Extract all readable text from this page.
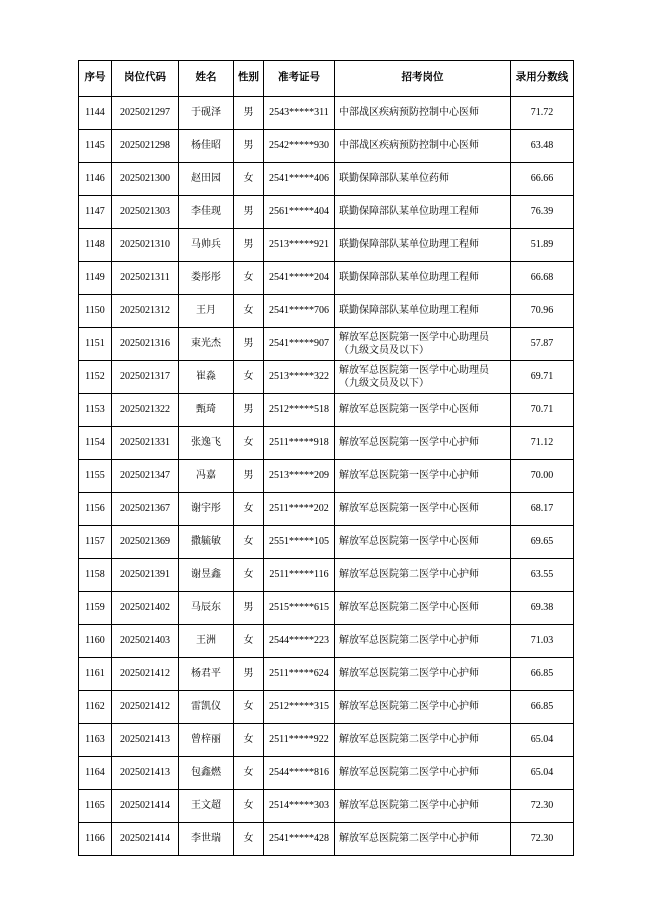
序号	岗位代码	姓名	性别	准考证号	招考岗位	录用分数线
1144	2025021297	于砚泽	男	2543*****311	中部战区疾病预防控制中心医师	71.72
1145	2025021298	杨佳昭	男	2542*****930	中部战区疾病预防控制中心医师	63.48
1146	2025021300	赵田园	女	2541*****406	联勤保障部队某单位药师	66.66
1147	2025021303	李佳现	男	2561*****404	联勤保障部队某单位助理工程师	76.39
1148	2025021310	马帅兵	男	2513*****921	联勤保障部队某单位助理工程师	51.89
1149	2025021311	娄彤彤	女	2541*****204	联勤保障部队某单位助理工程师	66.68
1150	2025021312	王月	女	2541*****706	联勤保障部队某单位助理工程师	70.96
1151	2025021316	束光杰	男	2541*****907	解放军总医院第一医学中心助理员（九级文员及以下）	57.87
1152	2025021317	崔淼	女	2513*****322	解放军总医院第一医学中心助理员（九级文员及以下）	69.71
1153	2025021322	甄琦	男	2512*****518	解放军总医院第一医学中心医师	70.71
1154	2025021331	张逸飞	女	2511*****918	解放军总医院第一医学中心护师	71.12
1155	2025021347	冯嘉	男	2513*****209	解放军总医院第一医学中心护师	70.00
1156	2025021367	谢宇彤	女	2511*****202	解放军总医院第一医学中心医师	68.17
1157	2025021369	撒毓敏	女	2551*****105	解放军总医院第一医学中心医师	69.65
1158	2025021391	谢昱鑫	女	2511*****116	解放军总医院第二医学中心护师	63.55
1159	2025021402	马辰东	男	2515*****615	解放军总医院第二医学中心医师	69.38
1160	2025021403	王洲	女	2544*****223	解放军总医院第二医学中心护师	71.03
1161	2025021412	杨君平	男	2511*****624	解放军总医院第二医学中心护师	66.85
1162	2025021412	雷凯仪	女	2512*****315	解放军总医院第二医学中心护师	66.85
1163	2025021413	曾梓丽	女	2511*****922	解放军总医院第二医学中心护师	65.04
1164	2025021413	包鑫燃	女	2544*****816	解放军总医院第二医学中心护师	65.04
1165	2025021414	王文超	女	2514*****303	解放军总医院第二医学中心护师	72.30
1166	2025021414	李世瑞	女	2541*****428	解放军总医院第二医学中心护师	72.30
